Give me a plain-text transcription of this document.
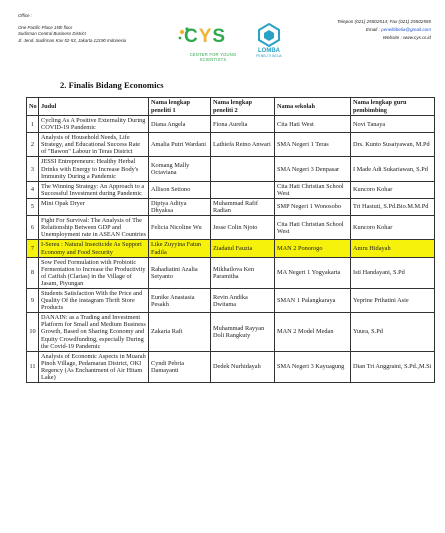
Office :
One Pacific Place 15th floor
Sudirman Central Business District
Jl. Jend. Sudirman Kav 52-53, Jakarta 12190 Indonesia	CYS
CENTER FOR YOUNG SCIENTISTS
LOMBA
PENELITI BELIA
Telepon (021) 25502514; Fax (021) 25502555
Email : penelitibelia@gmail.com
Website : www.cys.or.id
2. Finalis Bidang Economics
No	Judul	Nama lengkap peneliti 1	Nama lengkap peneliti 2	Nama sekolah	Nama lengkap guru pembimbing
1	Cycling As A Positive Externality During COVID-19 Pandemic	Diana Angela	Fiona Aurelia	Cita Hati West	Novi Tanaya
2	Analysis of Household Needs, Life Strategy, and Educational Success Rate of "Bawon" Labour in Teras District	Amalia Putri Wardani	Lathiefa Retno Anwari	SMA Negeri 1 Teras	Drs. Kunto Susatyawan, M.Pd
3	JESSI Entrepreneurs: Healthy Herbal Drinks with Energy to Increase Body's Immunity During a Pandemic	Komang Mally Octaviana		SMA Negeri 3 Denpasar	I Made Adi Sukariawan, S.Pd
4	The Winning Strategy: An Approach to a Successful Investment during Pandemic	Allison Setiono		Cita Hati Christian School West	Kuncoro Kohar
5	Mini Opak Dryer	Diptya Aditya Dhyaksa	Muhammad Rafif Radian	SMP Negeri 1 Wonosobo	Tri Hastuti, S.Pd.Bio.M.M.Pd
6	Fight For Survival: The Analysis of The Relationship Between GDP and Unemployment rate in ASEAN Countries	Felicia Nicoline Wu	Jesse Colin Njoto	Cita Hati Christian School West	Kuncoro Kohar
7	I-Sereu : Natural Insecticide As Support Economy and Food Security	Like Zuyyina Fatun Fadila	Ziadatul Fauzia	MAN 2 Ponorogo	Amru Hidayah
8	Sow Feed Formulation with Probiotic Fermentation to Increase the Productivity of Catfish (Clarias) in the Village of Jasam, Piyungan	Rahadiatini Azalia Setyanto	Mikhailova Ken Paramitha	MA Negeri 1 Yogyakarta	Isti Handayani, S.Pd
9	Students Satisfaction With the Price and Quality Of the instagram Thrift Store Products	Eunike Anastasia Pesakh	Revin Andika Dwitama	SMAN 1 Palangkaraya	Yeprine Prihatini Asie
10	DANAIN: as a Trading and Investment Platform for Small and Medium Business Growth, Based on Sharing Economy and Equity Crowdfunding, especially During the Covid-19 Pandemic	Zakaria Rafi	Muhammad Rayyan Doli Rangkuty	MAN 2 Model Medan	Yuura, S.Pd
11	Analysis of Economic Aspects in Muarah Pinoh Village, Pedamaran District, OKI Regency (As Enchantment of Air Hitam Lake)	Cyndi Pebria Damayanti	Dedek Nurhidayah	SMA Negeri 3 Kayuagung	Dian Tri Anggraini, S.Pd.,M.Si
